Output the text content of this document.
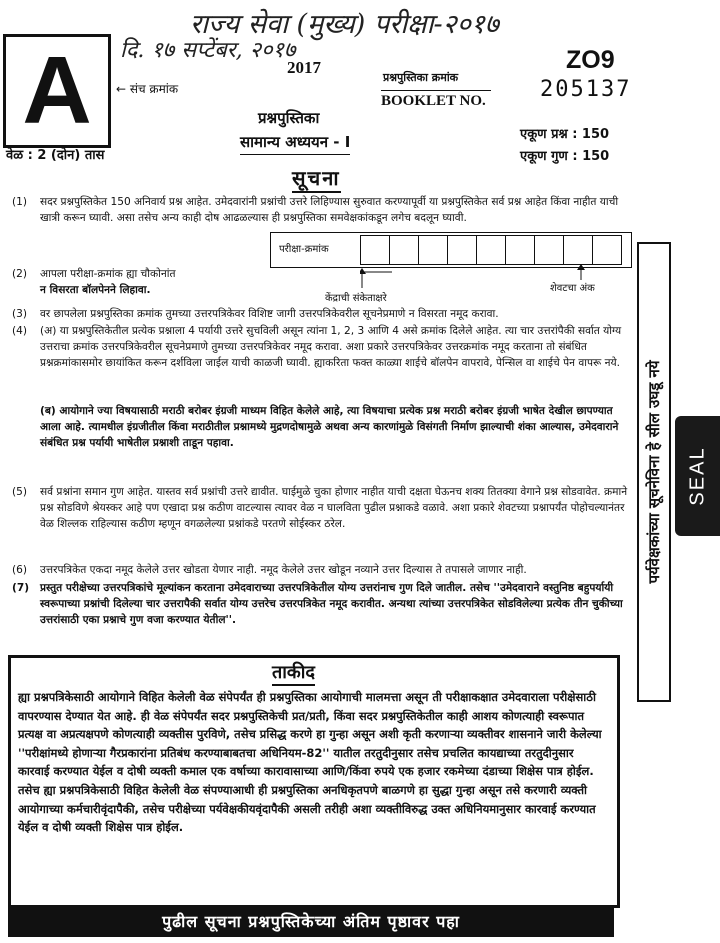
राज्य सेवा (मुख्य) परीक्षा-२०१७
दि. १७ सप्टेंबर, २०१७
A	← संच क्रमांक
2017
प्रश्नपुस्तिका क्रमांक
BOOKLET NO.
ZO9
205137
प्रश्नपुस्तिका
सामान्य अध्ययन - I	एकूण प्रश्न : 150
एकूण गुण : 150
वेळ : 2 (दोन) तास
सूचना
(1) सदर प्रश्नपुस्तिकेत 150 अनिवार्य प्रश्न आहेत. उमेदवारांनी प्रश्नांची उत्तरे लिहिण्यास सुरुवात करण्यापूर्वी या प्रश्नपुस्तिकेत सर्व प्रश्न आहेत किंवा नाहीत याची खात्री करून घ्यावी. असा तसेच अन्य काही दोष आढळल्यास ही प्रश्नपुस्तिका समवेक्षकांकडून लगेच बदलून घ्यावी.
(2) आपला परीक्षा-क्रमांक ह्या चौकोनांत
न विसरता बॉलपेनने लिहावा.
परीक्षा-क्रमांक
केंद्राची संकेताक्षरे
शेवटचा अंक
(3) वर छापलेला प्रश्नपुस्तिका क्रमांक तुमच्या उत्तरपत्रिकेवर विशिष्ट जागी उत्तरपत्रिकेवरील सूचनेप्रमाणे न विसरता नमूद करावा.
(4) (अ) या प्रश्नपुस्तिकेतील प्रत्येक प्रश्नाला 4 पर्यायी उत्तरे सुचविली असून त्यांना 1, 2, 3 आणि 4 असे क्रमांक दिलेले आहेत. त्या चार उत्तरांपैकी सर्वात योग्य उत्तराचा क्रमांक उत्तरपत्रिकेवरील सूचनेप्रमाणे तुमच्या उत्तरपत्रिकेवर नमूद करावा. अशा प्रकारे उत्तरपत्रिकेवर उत्तरक्रमांक नमूद करताना तो संबंधित प्रश्नक्रमांकासमोर छायांकित करून दर्शविला जाईल याची काळजी घ्यावी. ह्याकरिता फक्त काळ्या शाईचे बॉलपेन वापरावे, पेन्सिल वा शाईचे पेन वापरू नये.
(ब) आयोगाने ज्या विषयासाठी मराठी बरोबर इंग्रजी माध्यम विहित केलेले आहे, त्या विषयाचा प्रत्येक प्रश्न मराठी बरोबर इंग्रजी भाषेत देखील छापण्यात आला आहे. त्यामधील इंग्रजीतील किंवा मराठीतील प्रश्नामध्ये मुद्रणदोषामुळे अथवा अन्य कारणांमुळे विसंगती निर्माण झाल्याची शंका आल्यास, उमेदवाराने संबंधित प्रश्न पर्यायी भाषेतील प्रश्नाशी ताडून पहावा.
(5) सर्व प्रश्नांना समान गुण आहेत. यास्तव सर्व प्रश्नांची उत्तरे द्यावीत. घाईमुळे चुका होणार नाहीत याची दक्षता घेऊनच शक्य तितक्या वेगाने प्रश्न सोडवावेत. क्रमाने प्रश्न सोडविणे श्रेयस्कर आहे पण एखादा प्रश्न कठीण वाटल्यास त्यावर वेळ न घालविता पुढील प्रश्नाकडे वळावे. अशा प्रकारे शेवटच्या प्रश्नापर्यंत पोहोचल्यानंतर वेळ शिल्लक राहिल्यास कठीण म्हणून वगळलेल्या प्रश्नांकडे परतणे सोईस्कर ठरेल.
(6) उत्तरपत्रिकेत एकदा नमूद केलेले उत्तर खोडता येणार नाही. नमूद केलेले उत्तर खोडून नव्याने उत्तर दिल्यास ते तपासले जाणार नाही.
(7) प्रस्तुत परीक्षेच्या उत्तरपत्रिकांचे मूल्यांकन करताना उमेदवाराच्या उत्तरपत्रिकेतील योग्य उत्तरांनाच गुण दिले जातील. तसेच ''उमेदवाराने वस्तुनिष्ठ बहुपर्यायी स्वरूपाच्या प्रश्नांची दिलेल्या चार उत्तरापैकी सर्वात योग्य उत्तरेच उत्तरपत्रिकेत नमूद करावीत. अन्यथा त्यांच्या उत्तरपत्रिकेत सोडविलेल्या प्रत्येक तीन चुकीच्या उत्तरांसाठी एका प्रश्नाचे गुण वजा करण्यात येतील''.
पर्यवेक्षकांच्या सूचनेविना हे सील उघडू नये SEAL
ताकीद
ह्या प्रश्नपत्रिकेसाठी आयोगाने विहित केलेली वेळ संपेपर्यंत ही प्रश्नपुस्तिका आयोगाची मालमत्ता असून ती परीक्षाकक्षात उमेदवाराला परीक्षेसाठी वापरण्यास देण्यात येत आहे. ही वेळ संपेपर्यंत सदर प्रश्नपुस्तिकेची प्रत/प्रती, किंवा सदर प्रश्नपुस्तिकेतील काही आशय कोणत्याही स्वरूपात प्रत्यक्ष वा अप्रत्यक्षपणे कोणत्याही व्यक्तीस पुरविणे, तसेच प्रसिद्ध करणे हा गुन्हा असून अशी कृती करणाऱ्या व्यक्तीवर शासनाने जारी केलेल्या ''परीक्षांमध्ये होणाऱ्या गैरप्रकारांना प्रतिबंध करण्याबाबतचा अधिनियम-82'' यातील तरतुदीनुसार तसेच प्रचलित कायद्याच्या तरतुदीनुसार कारवाई करण्यात येईल व दोषी व्यक्ती कमाल एक वर्षाच्या कारावासाच्या आणि/किंवा रुपये एक हजार रकमेच्या दंडाच्या शिक्षेस पात्र होईल.
तसेच ह्या प्रश्नपत्रिकेसाठी विहित केलेली वेळ संपण्याआधी ही प्रश्नपुस्तिका अनधिकृतपणे बाळगणे हा सुद्धा गुन्हा असून तसे करणारी व्यक्ती आयोगाच्या कर्मचारीवृंदापैकी, तसेच परीक्षेच्या पर्यवेक्षकीयवृंदापैकी असली तरीही अशा व्यक्तीविरुद्ध उक्त अधिनियमानुसार कारवाई करण्यात येईल व दोषी व्यक्ती शिक्षेस पात्र होईल.
पुढील सूचना प्रश्नपुस्तिकेच्या अंतिम पृष्ठावर पहा
